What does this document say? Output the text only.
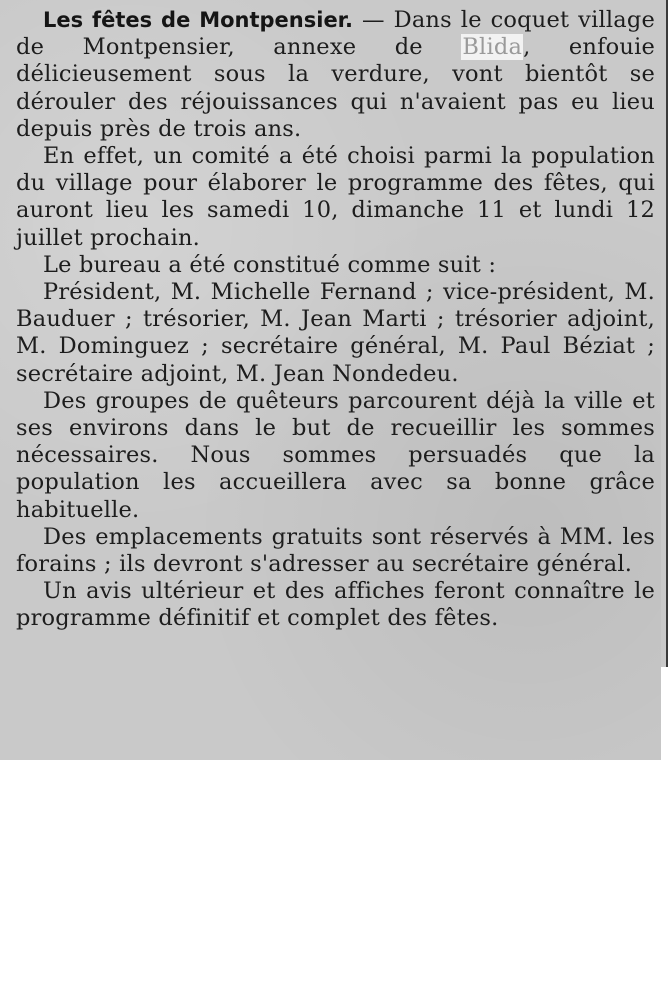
Les fêtes de Montpensier. — Dans le coquet village de Montpensier, annexe de Blida, enfouie délicieusement sous la verdure, vont bientôt se dérouler des réjouissances qui n'avaient pas eu lieu depuis près de trois ans.

En effet, un comité a été choisi parmi la population du village pour élaborer le programme des fêtes, qui auront lieu les samedi 10, dimanche 11 et lundi 12 juillet prochain.

Le bureau a été constitué comme suit :

Président, M. Michelle Fernand ; vice-président, M. Bauduer ; trésorier, M. Jean Marti ; trésorier adjoint, M. Dominguez ; secrétaire général, M. Paul Béziat ; secrétaire adjoint, M. Jean Nondedeu.

Des groupes de quêteurs parcourent déjà la ville et ses environs dans le but de recueillir les sommes nécessaires. Nous sommes persuadés que la population les accueillera avec sa bonne grâce habituelle.

Des emplacements gratuits sont réservés à MM. les forains ; ils devront s'adresser au secrétaire général.

Un avis ultérieur et des affiches feront connaître le programme définitif et complet des fêtes.
